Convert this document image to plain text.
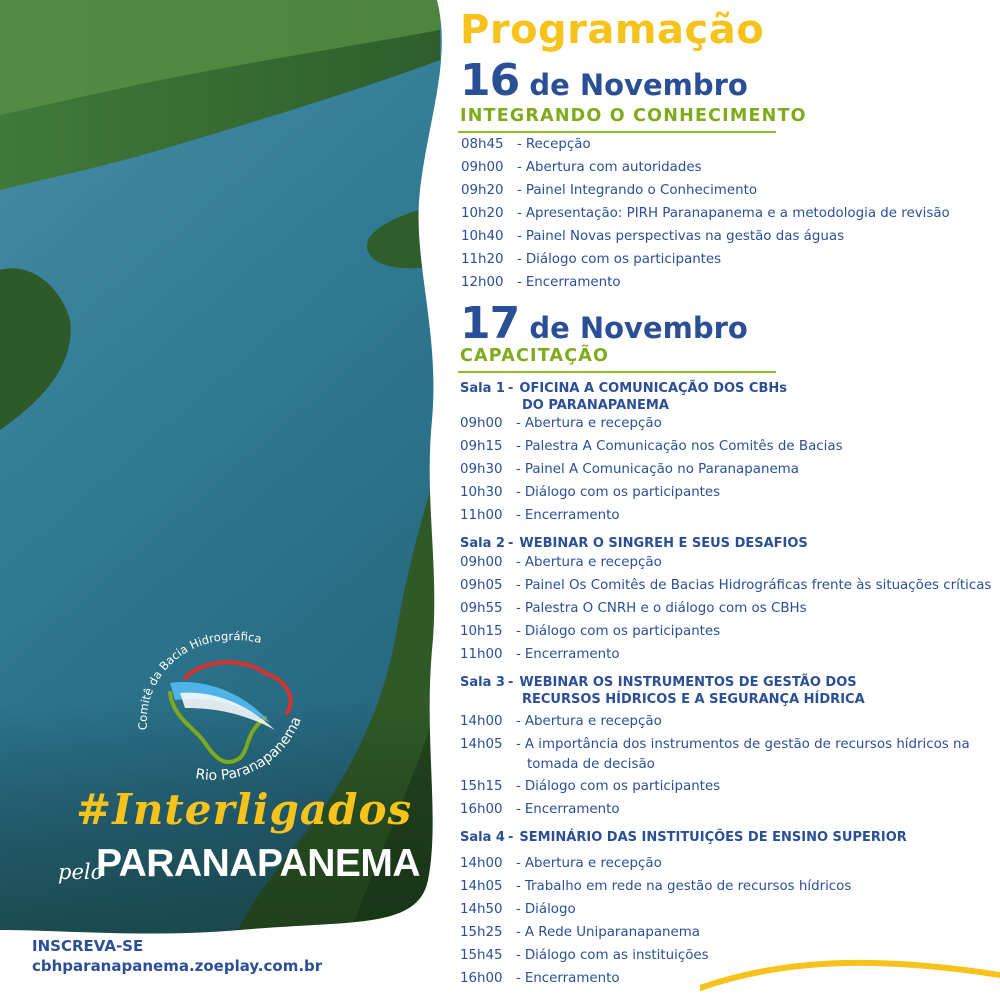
Programação
16 de Novembro
INTEGRANDO O CONHECIMENTO
08h45 - Recepção
09h00 - Abertura com autoridades
09h20 - Painel Integrando o Conhecimento
10h20 - Apresentação: PIRH Paranapanema e a metodologia de revisão
10h40 - Painel Novas perspectivas na gestão das águas
11h20 - Diálogo com os participantes
12h00 - Encerramento
17 de Novembro
CAPACITAÇÃO
Sala 1 - OFICINA A COMUNICAÇÃO DOS CBHs
DO PARANAPANEMA
09h00 - Abertura e recepção
09h15 - Palestra A Comunicação nos Comitês de Bacias
09h30 - Painel A Comunicação no Paranapanema
10h30 - Diálogo com os participantes
11h00 - Encerramento
Sala 2 - WEBINAR O SINGREH E SEUS DESAFIOS
09h00 - Abertura e recepção
09h05 - Painel Os Comitês de Bacias Hidrográficas frente às situações críticas
09h55 - Palestra O CNRH e o diálogo com os CBHs
10h15 - Diálogo com os participantes
11h00 - Encerramento
Sala 3 - WEBINAR OS INSTRUMENTOS DE GESTÃO DOS
RECURSOS HÍDRICOS E A SEGURANÇA HÍDRICA
14h00 - Abertura e recepção
14h05 - A importância dos instrumentos de gestão de recursos hídricos na
tomada de decisão
15h15 - Diálogo com os participantes
16h00 - Encerramento
Sala 4 - SEMINÁRIO DAS INSTITUIÇÕES DE ENSINO SUPERIOR
14h00 - Abertura e recepção
14h05 - Trabalho em rede na gestão de recursos hídricos
14h50 - Diálogo
15h25 - A Rede Uniparanapanema
15h45 - Diálogo com as instituições
16h00 - Encerramento
Comitê da Bacia Hidrográfica
Rio Paranapanema
#Interligados
pelo
PARANAPANEMA
INSCREVA-SE
cbhparanapanema.zoeplay.com.br
